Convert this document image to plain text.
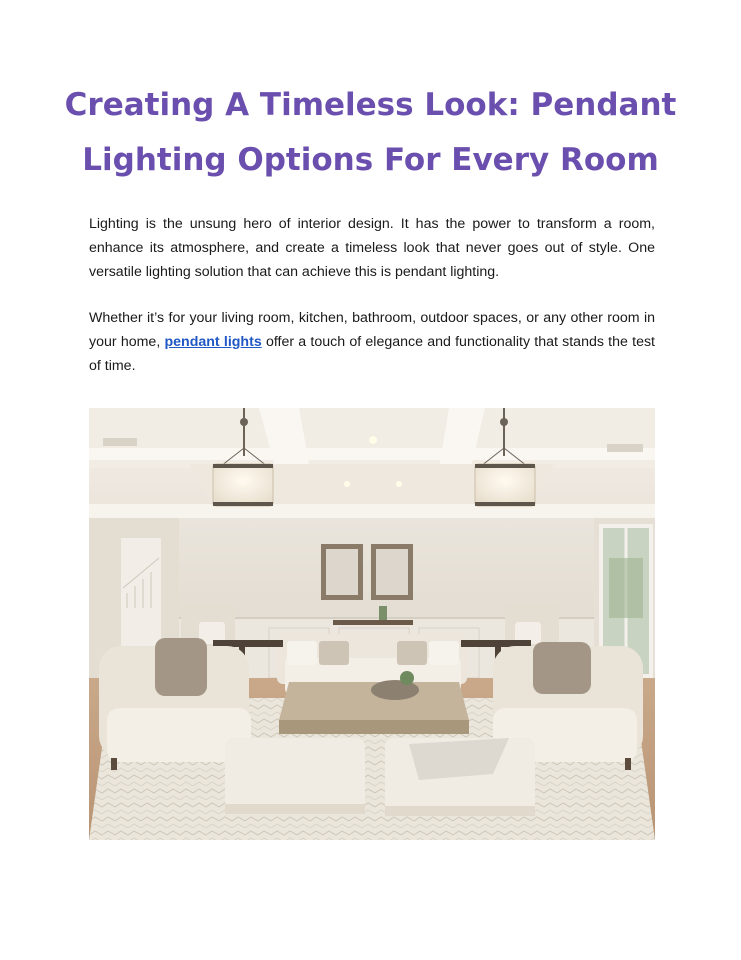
Creating A Timeless Look: Pendant Lighting Options For Every Room

Lighting is the unsung hero of interior design. It has the power to transform a room, enhance its atmosphere, and create a timeless look that never goes out of style. One versatile lighting solution that can achieve this is pendant lighting.

Whether it’s for your living room, kitchen, bathroom, outdoor spaces, or any other room in your home, pendant lights offer a touch of elegance and functionality that stands the test of time.
